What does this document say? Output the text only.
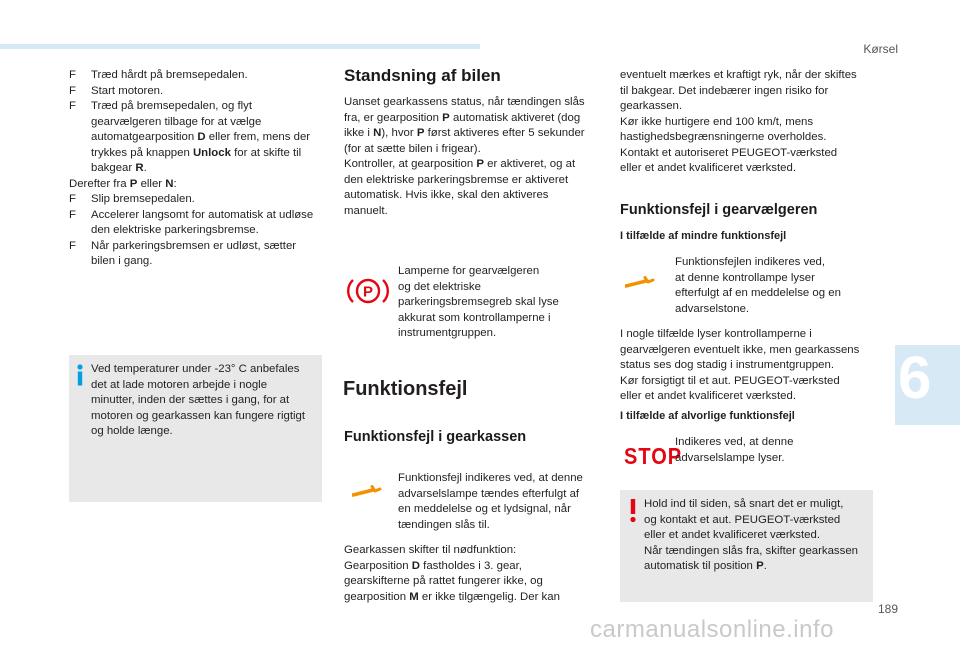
Kørsel
F Træd hårdt på bremsepedalen.
F Start motoren.
F Træd på bremsepedalen, og flyt
gearvælgeren tilbage for at vælge
automatgearposition D eller frem, mens der
trykkes på knappen Unlock for at skifte til
bakgear R.
Derefter fra P eller N:
F Slip bremsepedalen.
F Accelerer langsomt for automatisk at udløse
den elektriske parkeringsbremse.
F Når parkeringsbremsen er udløst, sætter
bilen i gang.
Ved temperaturer under -23° C anbefales
det at lade motoren arbejde i nogle
minutter, inden der sættes i gang, for at
motoren og gearkassen kan fungere rigtigt
og holde længe.
Standsning af bilen
Uanset gearkassens status, når tændingen slås
fra, er gearposition P automatisk aktiveret (dog
ikke i N), hvor P først aktiveres efter 5 sekunder
(for at sætte bilen i frigear).
Kontroller, at gearposition P er aktiveret, og at
den elektriske parkeringsbremse er aktiveret
automatisk. Hvis ikke, skal den aktiveres
manuelt.
P
Lamperne for gearvælgeren
og det elektriske
parkeringsbremsegreb skal lyse
akkurat som kontrollamperne i
instrumentgruppen.
Funktionsfejl
Funktionsfejl i gearkassen
Funktionsfejl indikeres ved, at denne
advarselslampe tændes efterfulgt af
en meddelelse og et lydsignal, når
tændingen slås til.
Gearkassen skifter til nødfunktion:
Gearposition D fastholdes i 3. gear,
gearskifterne på rattet fungerer ikke, og
gearposition M er ikke tilgængelig. Der kan
eventuelt mærkes et kraftigt ryk, når der skiftes
til bakgear. Det indebærer ingen risiko for
gearkassen.
Kør ikke hurtigere end 100 km/t, mens
hastighedsbegrænsningerne overholdes.
Kontakt et autoriseret PEUGEOT-værksted
eller et andet kvalificeret værksted.
Funktionsfejl i gearvælgeren
I tilfælde af mindre funktionsfejl
Funktionsfejlen indikeres ved,
at denne kontrollampe lyser
efterfulgt af en meddelelse og en
advarselstone.
I nogle tilfælde lyser kontrollamperne i
gearvælgeren eventuelt ikke, men gearkassens
status ses dog stadig i instrumentgruppen.
Kør forsigtigt til et aut. PEUGEOT-værksted
eller et andet kvalificeret værksted.
I tilfælde af alvorlige funktionsfejl
STOP
Indikeres ved, at denne
advarselslampe lyser.
Hold ind til siden, så snart det er muligt,
og kontakt et aut. PEUGEOT-værksted
eller et andet kvalificeret værksted.
Når tændingen slås fra, skifter gearkassen
automatisk til position P.
6
189
carmanualsonline.info
